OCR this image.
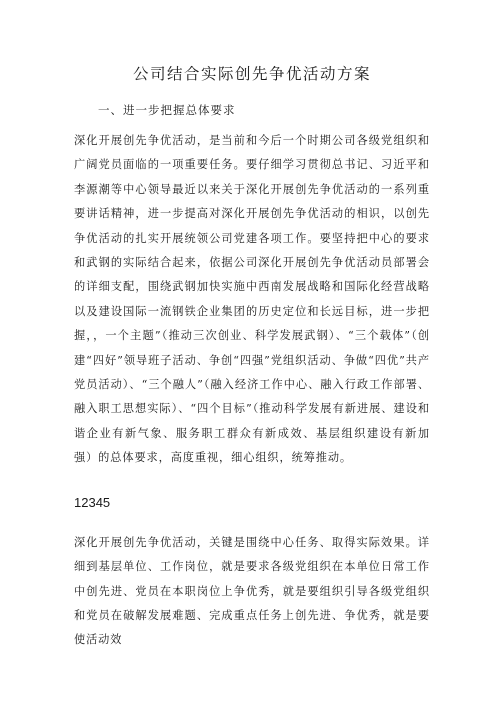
公司结合实际创先争优活动方案
一、进一步把握总体要求

深化开展创先争优活动，是当前和今后一个时期公司各级党组织和广阔党员面临的一项重要任务。要仔细学习贯彻总书记、习近平和李源潮等中心领导最近以来关于深化开展创先争优活动的一系列重要讲话精神，进一步提高对深化开展创先争优活动的相识，以创先争优活动的扎实开展统领公司党建各项工作。要坚持把中心的要求和武钢的实际结合起来，依据公司深化开展创先争优活动员部署会的详细支配，围绕武钢加快实施中西南发展战略和国际化经营战略以及建设国际一流钢铁企业集团的历史定位和长远目标，进一步把握，，一个主题”（推动三次创业、科学发展武钢）、“三个载体”（创建“四好”领导班子活动、争创“四强”党组织活动、争做“四优”共产党员活动）、“三个融人”（融入经济工作中心、融入行政工作部署、融入职工思想实际）、“四个目标”（推动科学发展有新进展、建设和谐企业有新气象、服务职工群众有新成效、基层组织建设有新加强）的总体要求，高度重视，细心组织，统筹推动。

12345

深化开展创先争优活动，关键是围绕中心任务、取得实际效果。详细到基层单位、工作岗位，就是要求各级党组织在本单位日常工作中创先进、党员在本职岗位上争优秀，就是要组织引导各级党组织和党员在破解发展难题、完成重点任务上创先进、争优秀，就是要使活动效
